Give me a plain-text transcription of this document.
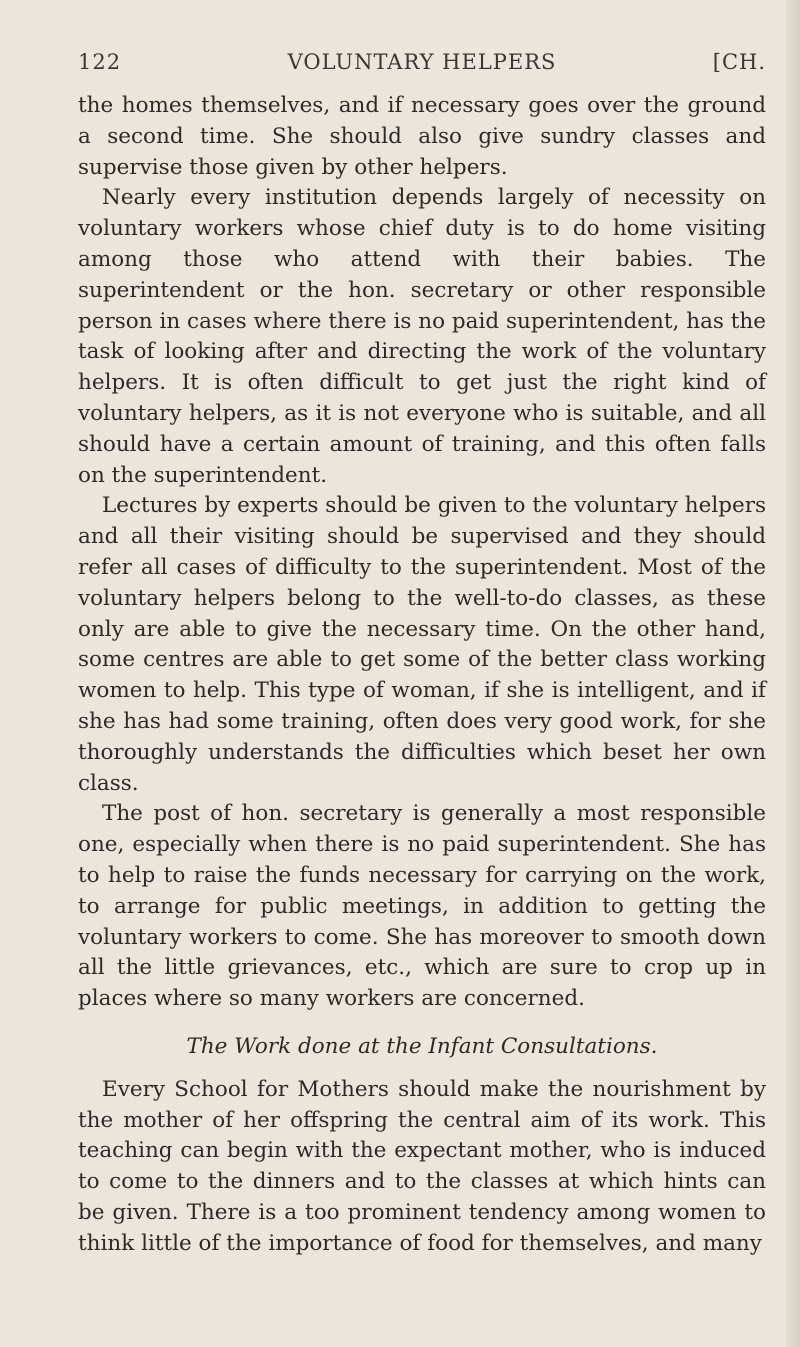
122	VOLUNTARY HELPERS	[CH.

the homes themselves, and if necessary goes over the ground a second time. She should also give sundry classes and supervise those given by other helpers.

Nearly every institution depends largely of necessity on voluntary workers whose chief duty is to do home visiting among those who attend with their babies. The superintendent or the hon. secretary or other responsible person in cases where there is no paid superintendent, has the task of looking after and directing the work of the voluntary helpers. It is often difficult to get just the right kind of voluntary helpers, as it is not everyone who is suitable, and all should have a certain amount of training, and this often falls on the superintendent.

Lectures by experts should be given to the voluntary helpers and all their visiting should be supervised and they should refer all cases of difficulty to the superintendent. Most of the voluntary helpers belong to the well-to-do classes, as these only are able to give the necessary time. On the other hand, some centres are able to get some of the better class working women to help. This type of woman, if she is intelligent, and if she has had some training, often does very good work, for she thoroughly understands the difficulties which beset her own class.

The post of hon. secretary is generally a most responsible one, especially when there is no paid superintendent. She has to help to raise the funds necessary for carrying on the work, to arrange for public meetings, in addition to getting the voluntary workers to come. She has moreover to smooth down all the little grievances, etc., which are sure to crop up in places where so many workers are concerned.

The Work done at the Infant Consultations.

Every School for Mothers should make the nourishment by the mother of her offspring the central aim of its work. This teaching can begin with the expectant mother, who is induced to come to the dinners and to the classes at which hints can be given. There is a too prominent tendency among women to think little of the importance of food for themselves, and many
